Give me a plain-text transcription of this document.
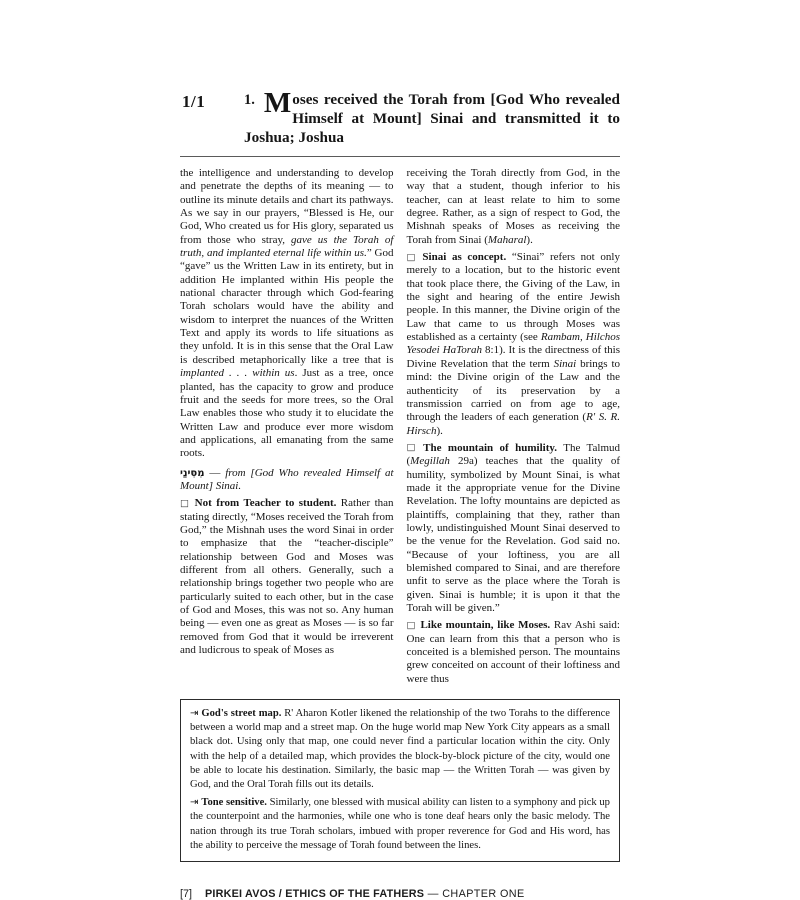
1/1	1. M oses received the Torah from [God Who revealed Himself at Mount] Sinai and transmitted it to Joshua; Joshua

the intelligence and understanding to develop and penetrate the depths of its meaning — to outline its minute details and chart its pathways. As we say in our prayers, “Blessed is He, our God, Who created us for His glory, separated us from those who stray, gave us the Torah of truth, and implanted eternal life within us.” God “gave” us the Written Law in its entirety, but in addition He implanted within His people the national character through which God-fearing Torah scholars would have the ability and wisdom to interpret the nuances of the Written Text and apply its words to life situations as they unfold. It is in this sense that the Oral Law is described metaphorically like a tree that is implanted . . . within us. Just as a tree, once planted, has the capacity to grow and produce fruit and the seeds for more trees, so the Oral Law enables those who study it to elucidate the Written Law and produce ever more wisdom and applications, all emanating from the same roots.

מִסִּינַי — from [God Who revealed Himself at Mount] Sinai.

□ Not from Teacher to student. Rather than stating directly, “Moses received the Torah from God,” the Mishnah uses the word Sinai in order to emphasize that the “teacher-disciple” relationship between God and Moses was different from all others. Generally, such a relationship brings together two people who are particularly suited to each other, but in the case of God and Moses, this was not so. Any human being — even one as great as Moses — is so far removed from God that it would be irreverent and ludicrous to speak of Moses as

receiving the Torah directly from God, in the way that a student, though inferior to his teacher, can at least relate to him to some degree. Rather, as a sign of respect to God, the Mishnah speaks of Moses as receiving the Torah from Sinai (Maharal).

□ Sinai as concept. “Sinai” refers not only merely to a location, but to the historic event that took place there, the Giving of the Law, in the sight and hearing of the entire Jewish people. In this manner, the Divine origin of the Law that came to us through Moses was established as a certainty (see Rambam, Hilchos Yesodei HaTorah 8:1). It is the directness of this Divine Revelation that the term Sinai brings to mind: the Divine origin of the Law and the authenticity of its preservation by a transmission carried on from age to age, through the leaders of each generation (R' S. R. Hirsch).

□ The mountain of humility. The Talmud (Megillah 29a) teaches that the quality of humility, symbolized by Mount Sinai, is what made it the appropriate venue for the Divine Revelation. The lofty mountains are depicted as plaintiffs, complaining that they, rather than lowly, undistinguished Mount Sinai deserved to be the venue for the Revelation. God said no. “Because of your loftiness, you are all blemished compared to Sinai, and are therefore unfit to serve as the place where the Torah is given. Sinai is humble; it is upon it that the Torah will be given.”

□ Like mountain, like Moses. Rav Ashi said: One can learn from this that a person who is conceited is a blemished person. The mountains grew conceited on account of their loftiness and were thus

⇥ God's street map. R' Aharon Kotler likened the relationship of the two Torahs to the difference between a world map and a street map. On the huge world map New York City appears as a small black dot. Using only that map, one could never find a particular location within the city. Only with the help of a detailed map, which provides the block-by-block picture of the city, would one be able to locate his destination. Similarly, the basic map — the Written Torah — was given by God, and the Oral Torah fills out its details.

⇥ Tone sensitive. Similarly, one blessed with musical ability can listen to a symphony and pick up the counterpoint and the harmonies, while one who is tone deaf hears only the basic melody. The nation through its true Torah scholars, imbued with proper reverence for God and His word, has the ability to perceive the message of Torah found between the lines.

[7] PIRKEI AVOS / ETHICS OF THE FATHERS — CHAPTER ONE
